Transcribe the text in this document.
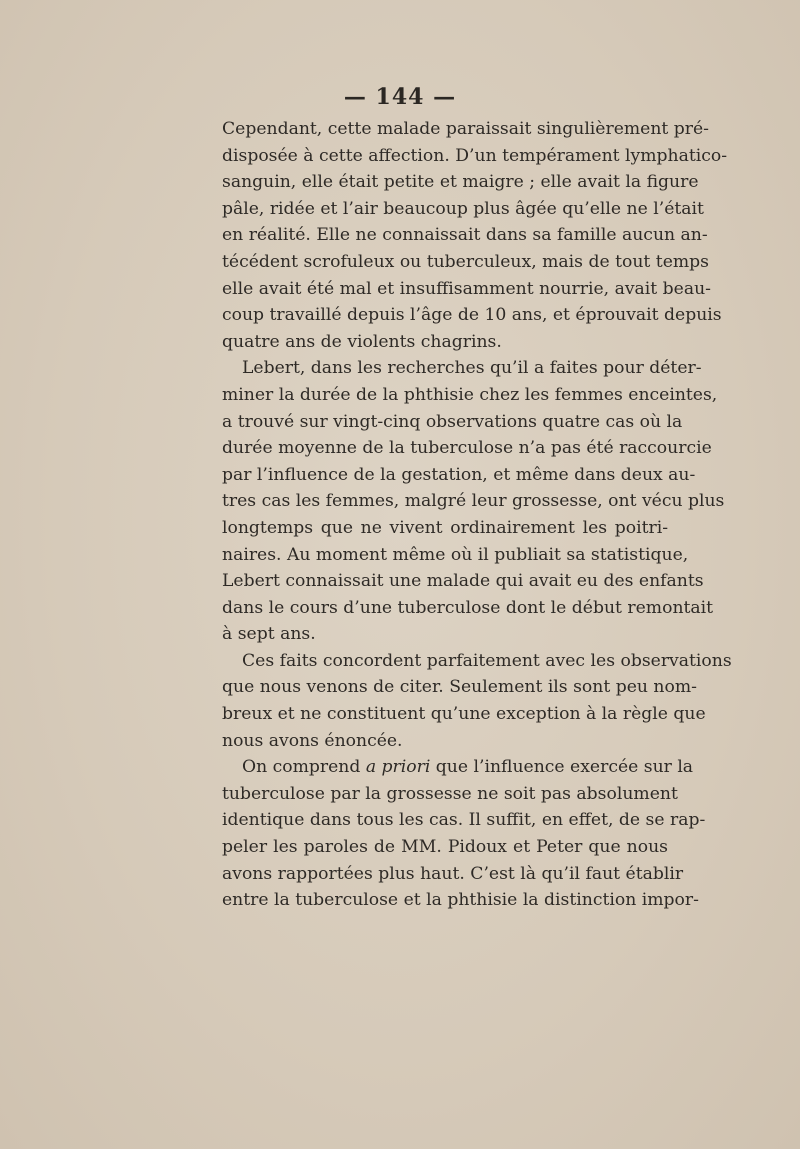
— 144 —
Cependant, cette malade paraissait singulièrement pré-
disposée à cette affection. D’un tempérament lymphatico-
sanguin, elle était petite et maigre ; elle avait la figure
pâle, ridée et l’air beaucoup plus âgée qu’elle ne l’était
en réalité. Elle ne connaissait dans sa famille aucun an-
técédent scrofuleux ou tuberculeux, mais de tout temps
elle avait été mal et insuffisamment nourrie, avait beau-
coup travaillé depuis l’âge de 10 ans, et éprouvait depuis
quatre ans de violents chagrins.
Lebert, dans les recherches qu’il a faites pour déter-
miner la durée de la phthisie chez les femmes enceintes,
a trouvé sur vingt-cinq observations quatre cas où la
durée moyenne de la tuberculose n’a pas été raccourcie
par l’influence de la gestation, et même dans deux au-
tres cas les femmes, malgré leur grossesse, ont vécu plus
longtemps que ne vivent ordinairement les poitri-
naires. Au moment même où il publiait sa statistique,
Lebert connaissait une malade qui avait eu des enfants
dans le cours d’une tuberculose dont le début remontait
à sept ans.
Ces faits concordent parfaitement avec les observations
que nous venons de citer. Seulement ils sont peu nom-
breux et ne constituent qu’une exception à la règle que
nous avons énoncée.
On comprend a priori que l’influence exercée sur la
tuberculose par la grossesse ne soit pas absolument
identique dans tous les cas. Il suffit, en effet, de se rap-
peler les paroles de MM. Pidoux et Peter que nous
avons rapportées plus haut. C’est là qu’il faut établir
entre la tuberculose et la phthisie la distinction impor-
